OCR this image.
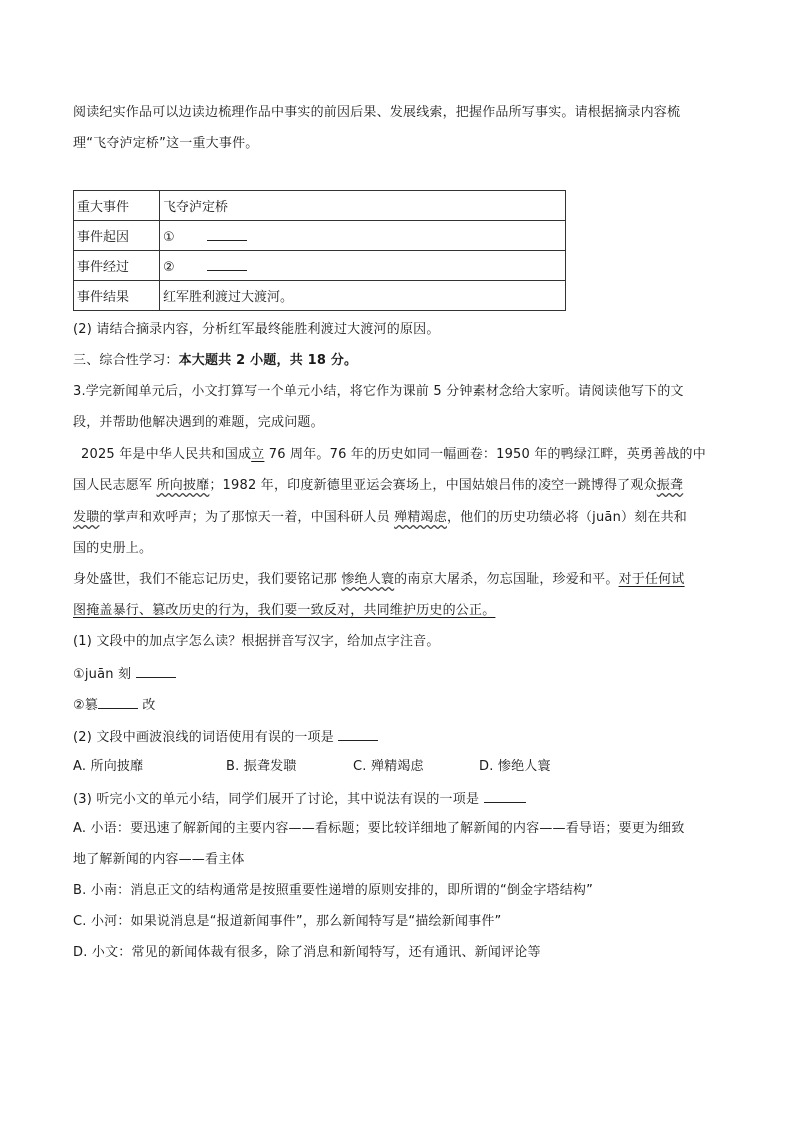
阅读纪实作品可以边读边梳理作品中事实的前因后果、发展线索，把握作品所写事实。请根据摘录内容梳
理“飞夺泸定桥”这一重大事件。
重大事件	飞夺泸定桥
事件起因	①
事件经过	②
事件结果	红军胜利渡过大渡河。
(2) 请结合摘录内容，分析红军最终能胜利渡过大渡河的原因。
三、综合性学习：本大题共 2 小题，共 18 分。
3.学完新闻单元后，小文打算写一个单元小结，将它作为课前 5 分钟素材念给大家听。请阅读他写下的文
段，并帮助他解决遇到的难题，完成问题。
2025 年是中华人民共和国成立 76 周年。76 年的历史如同一幅画卷：1950 年的鸭绿江畔，英勇善战的中
国人民志愿军 所向披靡；1982 年，印度新德里亚运会赛场上，中国姑娘吕伟的凌空一跳博得了观众振聋
发聩的掌声和欢呼声；为了那惊天一着，中国科研人员 殚精竭虑，他们的历史功绩必将（juān）刻在共和
国的史册上。
身处盛世，我们不能忘记历史，我们要铭记那 惨绝人寰的南京大屠杀，勿忘国耻，珍爱和平。对于任何试
图掩盖暴行、篡改历史的行为，我们要一致反对，共同维护历史的公正。
(1) 文段中的加点字怎么读？根据拼音写汉字，给加点字注音。
①juān 刻
②篡	改
(2) 文段中画波浪线的词语使用有误的一项是
A. 所向披靡	B. 振聋发聩	C. 殚精竭虑	D. 惨绝人寰
(3) 听完小文的单元小结，同学们展开了讨论，其中说法有误的一项是
A. 小语：要迅速了解新闻的主要内容——看标题；要比较详细地了解新闻的内容——看导语；要更为细致
地了解新闻的内容——看主体
B. 小南：消息正文的结构通常是按照重要性递增的原则安排的，即所谓的“倒金字塔结构”
C. 小河：如果说消息是“报道新闻事件”，那么新闻特写是“描绘新闻事件”
D. 小文：常见的新闻体裁有很多，除了消息和新闻特写，还有通讯、新闻评论等
